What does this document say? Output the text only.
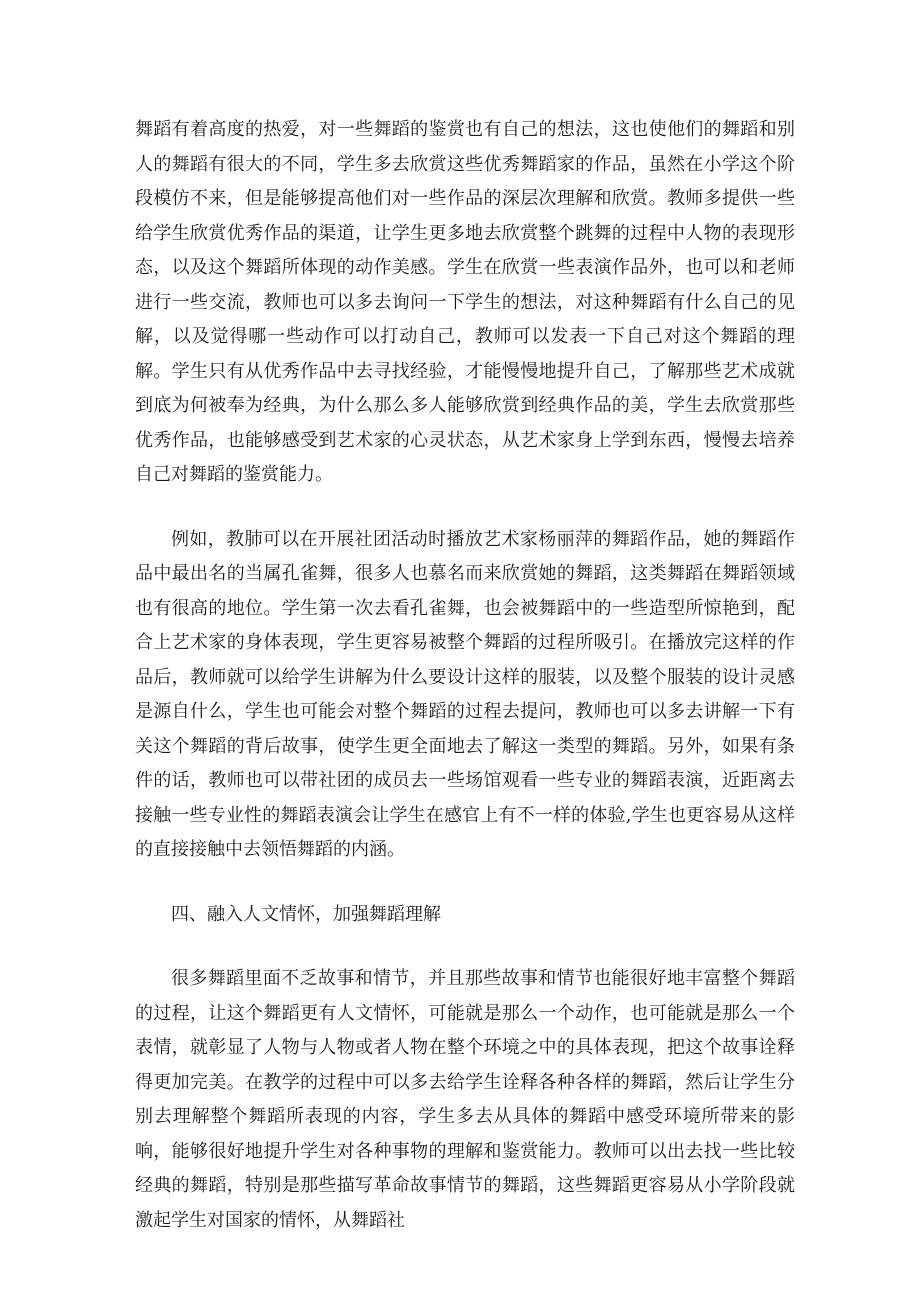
舞蹈有着高度的热爱，对一些舞蹈的鉴赏也有自己的想法，这也使他们的舞蹈和别人的舞蹈有很大的不同，学生多去欣赏这些优秀舞蹈家的作品，虽然在小学这个阶段模仿不来，但是能够提高他们对一些作品的深层次理解和欣赏。教师多提供一些给学生欣赏优秀作品的渠道，让学生更多地去欣赏整个跳舞的过程中人物的表现形态，以及这个舞蹈所体现的动作美感。学生在欣赏一些表演作品外，也可以和老师进行一些交流，教师也可以多去询问一下学生的想法，对这种舞蹈有什么自己的见解，以及觉得哪一些动作可以打动自己，教师可以发表一下自己对这个舞蹈的理解。学生只有从优秀作品中去寻找经验，才能慢慢地提升自己，了解那些艺术成就到底为何被奉为经典，为什么那么多人能够欣赏到经典作品的美，学生去欣赏那些优秀作品，也能够感受到艺术家的心灵状态，从艺术家身上学到东西，慢慢去培养自己对舞蹈的鉴赏能力。

例如，教肺可以在开展社团活动时播放艺术家杨丽萍的舞蹈作品，她的舞蹈作品中最出名的当属孔雀舞，很多人也慕名而来欣赏她的舞蹈，这类舞蹈在舞蹈领域也有很高的地位。学生第一次去看孔雀舞，也会被舞蹈中的一些造型所惊艳到，配合上艺术家的身体表现，学生更容易被整个舞蹈的过程所吸引。在播放完这样的作品后，教师就可以给学生讲解为什么要设计这样的服装，以及整个服装的设计灵感是源自什么，学生也可能会对整个舞蹈的过程去提问，教师也可以多去讲解一下有关这个舞蹈的背后故事，使学生更全面地去了解这一类型的舞蹈。另外，如果有条件的话，教师也可以带社团的成员去一些场馆观看一些专业的舞蹈表演，近距离去接触一些专业性的舞蹈表演会让学生在感官上有不一样的体验,学生也更容易从这样的直接接触中去领悟舞蹈的内涵。

四、融入人文情怀，加强舞蹈理解

很多舞蹈里面不乏故事和情节，并且那些故事和情节也能很好地丰富整个舞蹈的过程，让这个舞蹈更有人文情怀，可能就是那么一个动作，也可能就是那么一个表情，就彰显了人物与人物或者人物在整个环境之中的具体表现，把这个故事诠释得更加完美。在教学的过程中可以多去给学生诠释各种各样的舞蹈，然后让学生分别去理解整个舞蹈所表现的内容，学生多去从具体的舞蹈中感受环境所带来的影响，能够很好地提升学生对各种事物的理解和鉴赏能力。教师可以出去找一些比较经典的舞蹈，特别是那些描写革命故事情节的舞蹈，这些舞蹈更容易从小学阶段就激起学生对国家的情怀，从舞蹈社
